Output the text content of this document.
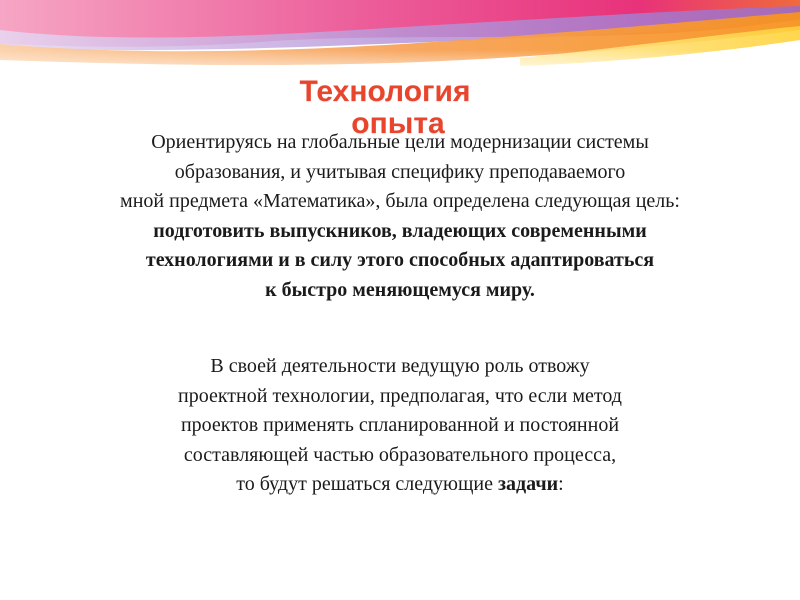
Технология
опыта
Ориентируясь на глобальные цели модернизации системы
образования, и учитывая специфику преподаваемого
мной предмета «Математика», была определена следующая цель:
подготовить выпускников, владеющих современными
технологиями и в силу этого способных адаптироваться
к быстро меняющемуся миру.
В своей деятельности ведущую роль отвожу
проектной технологии, предполагая, что если метод
проектов применять спланированной и постоянной
составляющей частью образовательного процесса,
то будут решаться следующие задачи:
